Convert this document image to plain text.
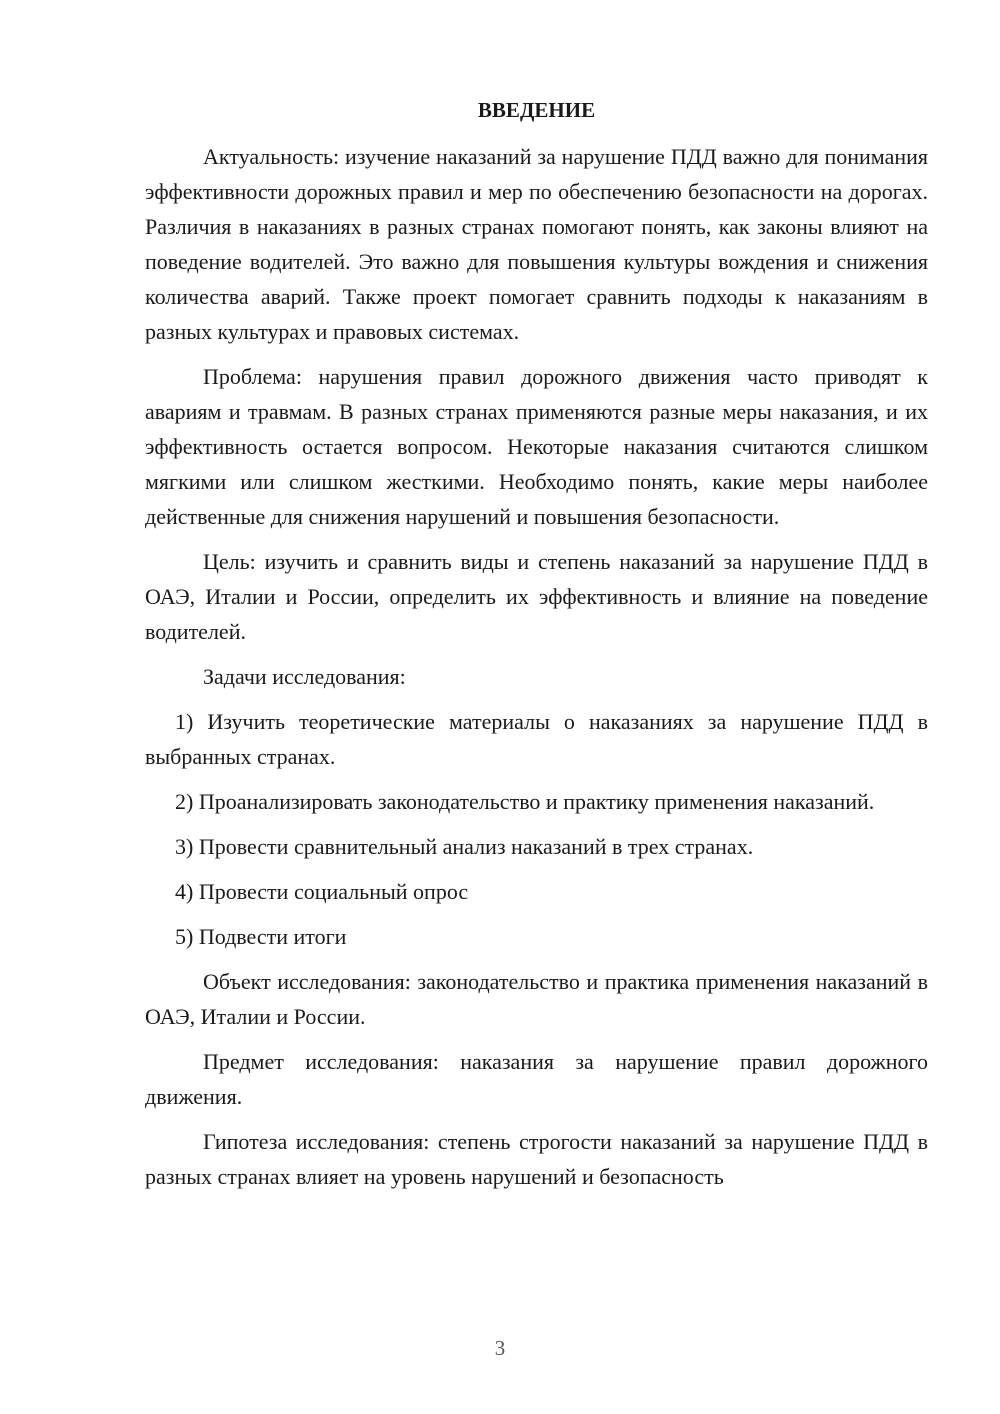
ВВЕДЕНИЕ

Актуальность: изучение наказаний за нарушение ПДД важно для понимания эффективности дорожных правил и мер по обеспечению безопасности на дорогах. Различия в наказаниях в разных странах помогают понять, как законы влияют на поведение водителей. Это важно для повышения культуры вождения и снижения количества аварий. Также проект помогает сравнить подходы к наказаниям в разных культурах и правовых системах.

Проблема: нарушения правил дорожного движения часто приводят к авариям и травмам. В разных странах применяются разные меры наказания, и их эффективность остается вопросом. Некоторые наказания считаются слишком мягкими или слишком жесткими. Необходимо понять, какие меры наиболее действенные для снижения нарушений и повышения безопасности.

Цель: изучить и сравнить виды и степень наказаний за нарушение ПДД в ОАЭ, Италии и России, определить их эффективность и влияние на поведение водителей.

Задачи исследования:

1) Изучить теоретические материалы о наказаниях за нарушение ПДД в выбранных странах.

2) Проанализировать законодательство и практику применения наказаний.

3) Провести сравнительный анализ наказаний в трех странах.

4) Провести социальный опрос

5) Подвести итоги

Объект исследования: законодательство и практика применения наказаний в ОАЭ, Италии и России.

Предмет исследования: наказания за нарушение правил дорожного движения.

Гипотеза исследования: степень строгости наказаний за нарушение ПДД в разных странах влияет на уровень нарушений и безопасность

3
